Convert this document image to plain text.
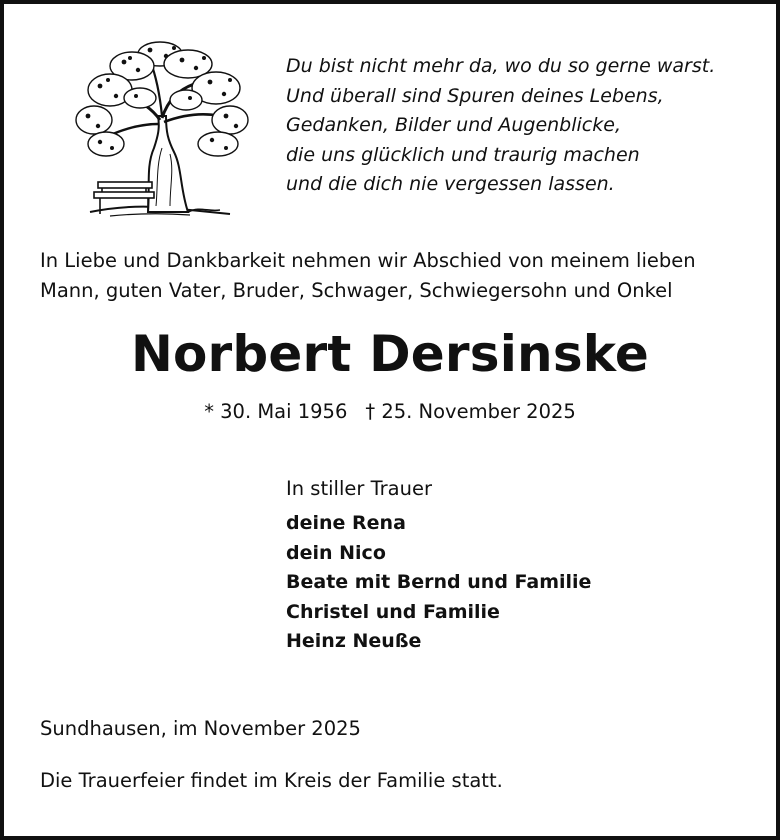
Du bist nicht mehr da, wo du so gerne warst.
Und überall sind Spuren deines Lebens,
Gedanken, Bilder und Augenblicke,
die uns glücklich und traurig machen
und die dich nie vergessen lassen.
In Liebe und Dankbarkeit nehmen wir Abschied von meinem lieben
Mann, guten Vater, Bruder, Schwager, Schwiegersohn und Onkel
Norbert Dersinske
* 30. Mai 1956 † 25. November 2025
In stiller Trauer
deine Rena
dein Nico
Beate mit Bernd und Familie
Christel und Familie
Heinz Neuße
Sundhausen, im November 2025
Die Trauerfeier findet im Kreis der Familie statt.
